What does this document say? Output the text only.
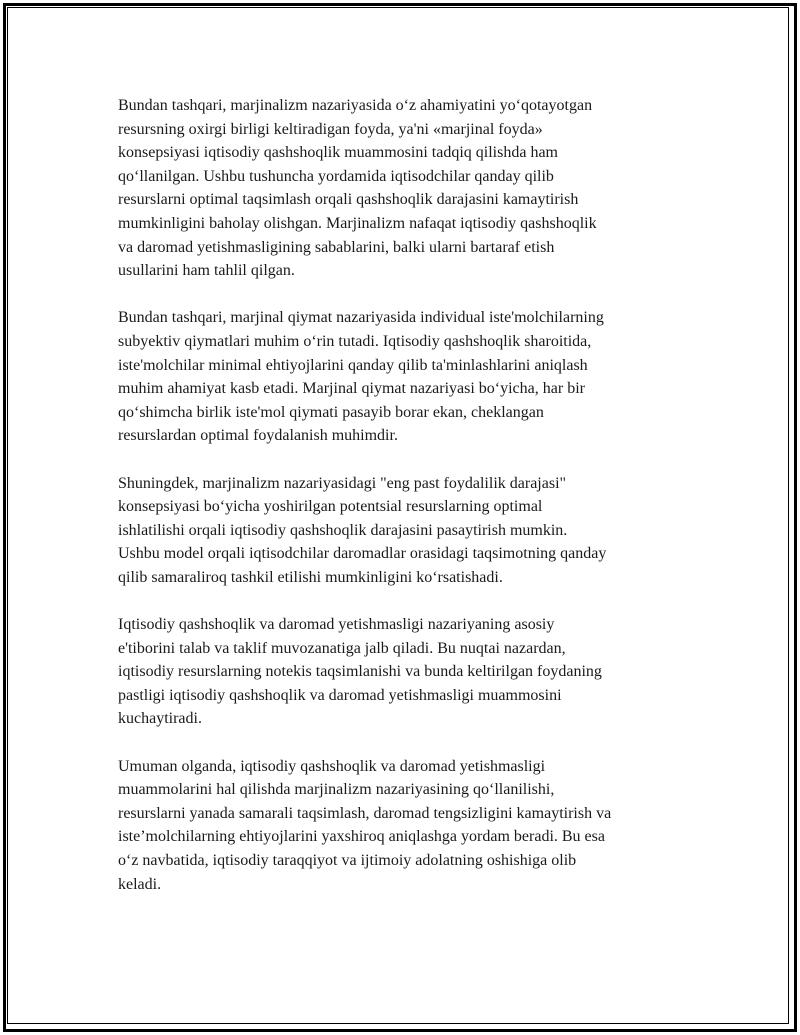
Bundan tashqari, marjinalizm nazariyasida oʻz ahamiyatini yoʻqotayotgan
resursning oxirgi birligi keltiradigan foyda, ya'ni «marjinal foyda»
konsepsiyasi iqtisodiy qashshoqlik muammosini tadqiq qilishda ham
qoʻllanilgan. Ushbu tushuncha yordamida iqtisodchilar qanday qilib
resurslarni optimal taqsimlash orqali qashshoqlik darajasini kamaytirish
mumkinligini baholay olishgan. Marjinalizm nafaqat iqtisodiy qashshoqlik
va daromad yetishmasligining sabablarini, balki ularni bartaraf etish
usullarini ham tahlil qilgan.

Bundan tashqari, marjinal qiymat nazariyasida individual iste'molchilarning
subyektiv qiymatlari muhim oʻrin tutadi. Iqtisodiy qashshoqlik sharoitida,
iste'molchilar minimal ehtiyojlarini qanday qilib ta'minlashlarini aniqlash
muhim ahamiyat kasb etadi. Marjinal qiymat nazariyasi boʻyicha, har bir
qoʻshimcha birlik iste'mol qiymati pasayib borar ekan, cheklangan
resurslardan optimal foydalanish muhimdir.

Shuningdek, marjinalizm nazariyasidagi "eng past foydalilik darajasi"
konsepsiyasi boʻyicha yoshirilgan potentsial resurslarning optimal
ishlatilishi orqali iqtisodiy qashshoqlik darajasini pasaytirish mumkin.
Ushbu model orqali iqtisodchilar daromadlar orasidagi taqsimotning qanday
qilib samaraliroq tashkil etilishi mumkinligini koʻrsatishadi.

Iqtisodiy qashshoqlik va daromad yetishmasligi nazariyaning asosiy
e'tiborini talab va taklif muvozanatiga jalb qiladi. Bu nuqtai nazardan,
iqtisodiy resurslarning notekis taqsimlanishi va bunda keltirilgan foydaning
pastligi iqtisodiy qashshoqlik va daromad yetishmasligi muammosini
kuchaytiradi.

Umuman olganda, iqtisodiy qashshoqlik va daromad yetishmasligi
muammolarini hal qilishda marjinalizm nazariyasining qoʻllanilishi,
resurslarni yanada samarali taqsimlash, daromad tengsizligini kamaytirish va
iste’molchilarning ehtiyojlarini yaxshiroq aniqlashga yordam beradi. Bu esa
oʻz navbatida, iqtisodiy taraqqiyot va ijtimoiy adolatning oshishiga olib
keladi.
